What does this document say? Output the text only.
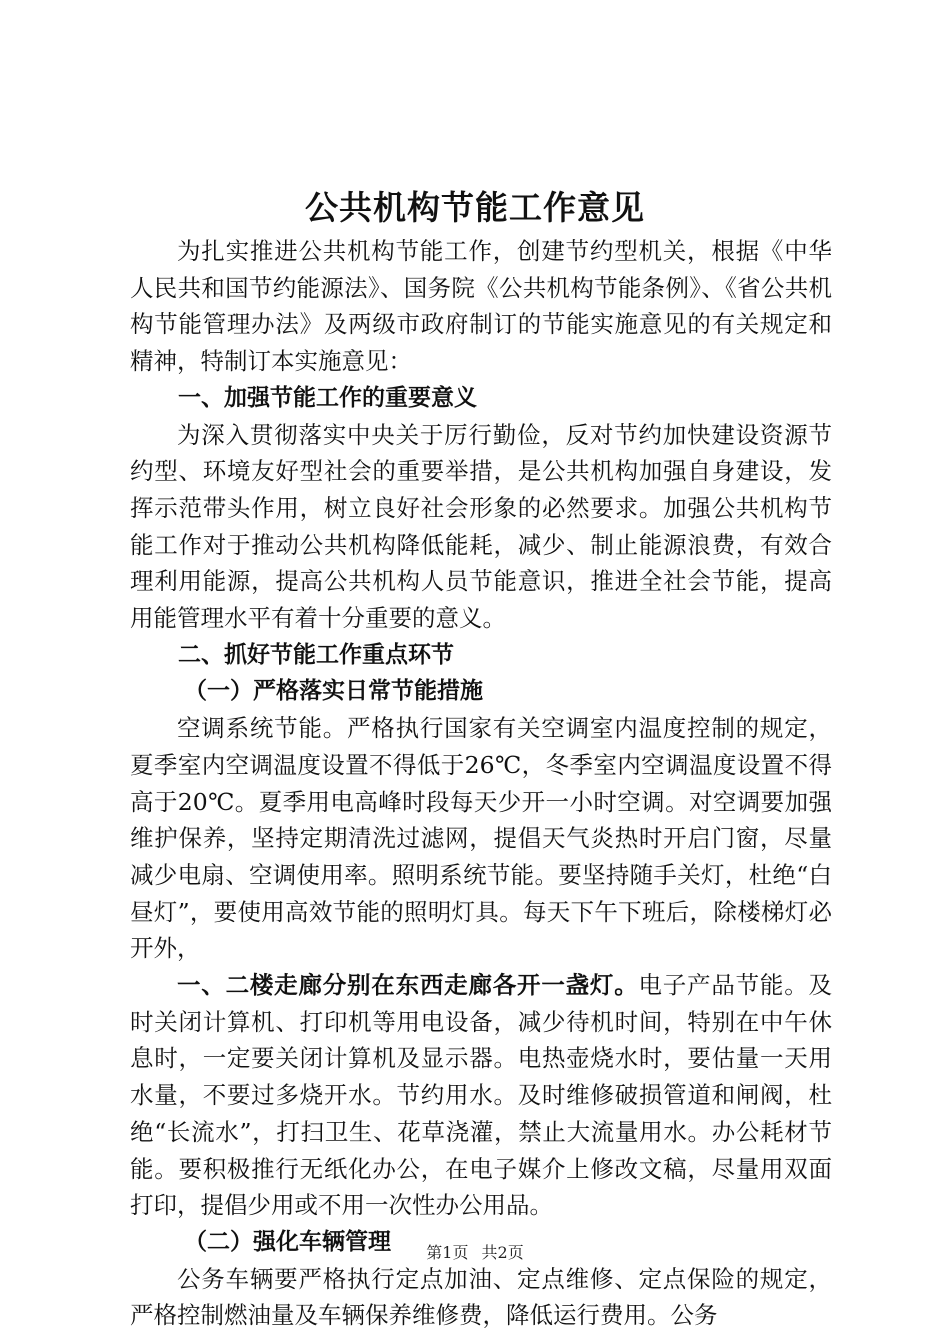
公共机构节能工作意见

为扎实推进公共机构节能工作，创建节约型机关，根据《中华人民共和国节约能源法》、国务院《公共机构节能条例》、《省公共机构节能管理办法》及两级市政府制订的节能实施意见的有关规定和精神，特制订本实施意见：

一、加强节能工作的重要意义

为深入贯彻落实中央关于厉行勤俭，反对节约加快建设资源节约型、环境友好型社会的重要举措，是公共机构加强自身建设，发挥示范带头作用，树立良好社会形象的必然要求。加强公共机构节能工作对于推动公共机构降低能耗，减少、制止能源浪费，有效合理利用能源，提高公共机构人员节能意识，推进全社会节能，提高用能管理水平有着十分重要的意义。

二、抓好节能工作重点环节
（一）严格落实日常节能措施

空调系统节能。严格执行国家有关空调室内温度控制的规定，夏季室内空调温度设置不得低于26℃，冬季室内空调温度设置不得高于20℃。夏季用电高峰时段每天少开一小时空调。对空调要加强维护保养，坚持定期清洗过滤网，提倡天气炎热时开启门窗，尽量减少电扇、空调使用率。照明系统节能。要坚持随手关灯，杜绝“白昼灯”，要使用高效节能的照明灯具。每天下午下班后，除楼梯灯必开外，

一、二楼走廊分别在东西走廊各开一盏灯。电子产品节能。及时关闭计算机、打印机等用电设备，减少待机时间，特别在中午休息时，一定要关闭计算机及显示器。电热壶烧水时，要估量一天用水量，不要过多烧开水。节约用水。及时维修破损管道和闸阀，杜绝“长流水”，打扫卫生、花草浇灌，禁止大流量用水。办公耗材节能。要积极推行无纸化办公，在电子媒介上修改文稿，尽量用双面打印，提倡少用或不用一次性办公用品。

（二）强化车辆管理

公务车辆要严格执行定点加油、定点维修、定点保险的规定，严格控制燃油量及车辆保养维修费，降低运行费用。公务

第1页 共2页
